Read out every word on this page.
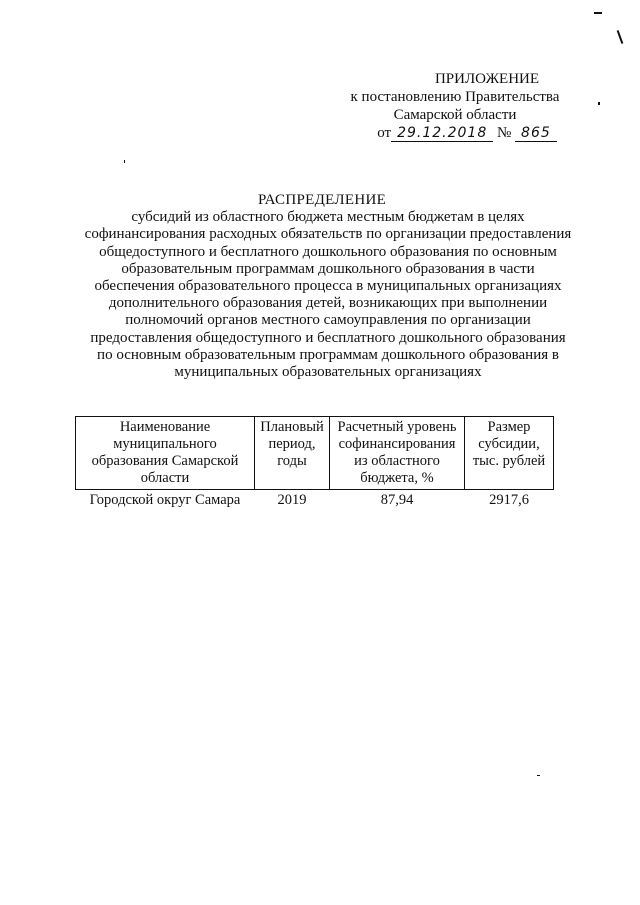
ПРИЛОЖЕНИЕ
к постановлению Правительства
Самарской области
от 29.12.2018 № 865
РАСПРЕДЕЛЕНИЕ
субсидий из областного бюджета местным бюджетам в целях софинансирования расходных обязательств по организации предоставления общедоступного и бесплатного дошкольного образования по основным образовательным программам дошкольного образования в части обеспечения образовательного процесса в муниципальных организациях дополнительного образования детей, возникающих при выполнении полномочий органов местного самоуправления по организации предоставления общедоступного и бесплатного дошкольного образования по основным образовательным программам дошкольного образования в муниципальных образовательных организациях
Наименование муниципального образования Самарской области	Плановый период, годы	Расчетный уровень софинансирования из областного бюджета, %	Размер субсидии, тыс. рублей
Городской округ Самара	2019	87,94	2917,6
